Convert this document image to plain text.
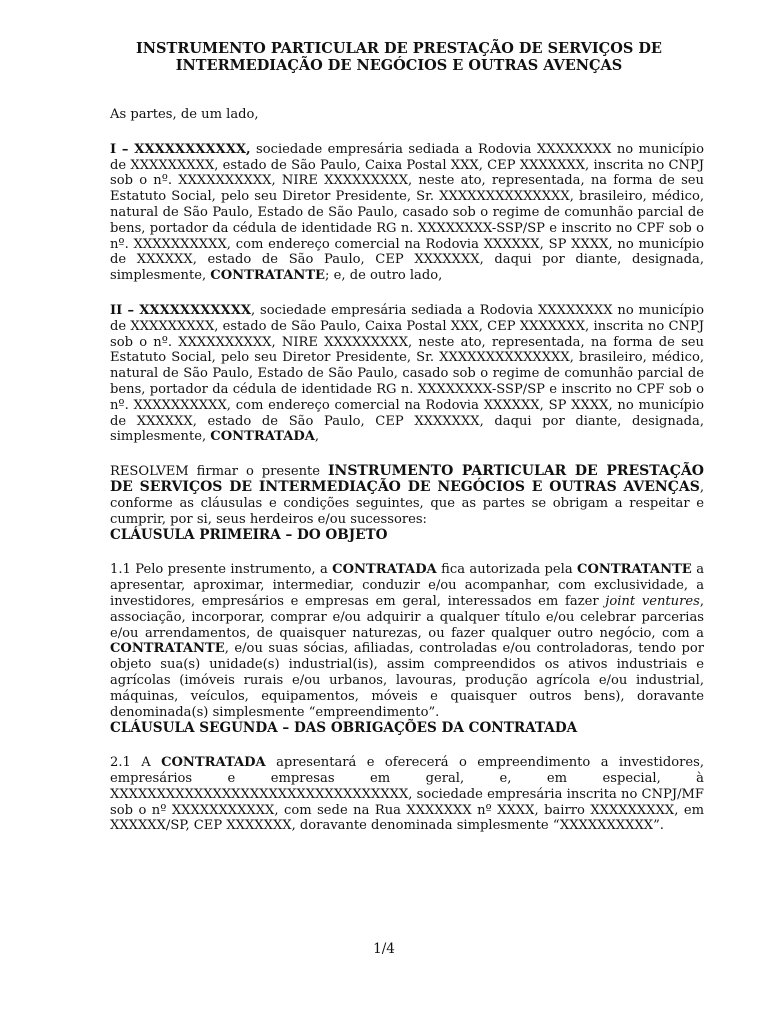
INSTRUMENTO PARTICULAR DE PRESTAÇÃO DE SERVIÇOS DE
INTERMEDIAÇÃO DE NEGÓCIOS E OUTRAS AVENÇAS

As partes, de um lado,

I – XXXXXXXXXXX, sociedade empresária sediada a Rodovia XXXXXXXX no município de XXXXXXXXX, estado de São Paulo, Caixa Postal XXX, CEP XXXXXXX, inscrita no CNPJ sob o nº. XXXXXXXXXX, NIRE XXXXXXXXX, neste ato, representada, na forma de seu Estatuto Social, pelo seu Diretor Presidente, Sr. XXXXXXXXXXXXXX, brasileiro, médico, natural de São Paulo, Estado de São Paulo, casado sob o regime de comunhão parcial de bens, portador da cédula de identidade RG n. XXXXXXXX-SSP/SP e inscrito no CPF sob o nº. XXXXXXXXXX, com endereço comercial na Rodovia XXXXXX, SP XXXX, no município de XXXXXX, estado de São Paulo, CEP XXXXXXX, daqui por diante, designada, simplesmente, CONTRATANTE; e, de outro lado,

II – XXXXXXXXXXX, sociedade empresária sediada a Rodovia XXXXXXXX no município de XXXXXXXXX, estado de São Paulo, Caixa Postal XXX, CEP XXXXXXX, inscrita no CNPJ sob o nº. XXXXXXXXXX, NIRE XXXXXXXXX, neste ato, representada, na forma de seu Estatuto Social, pelo seu Diretor Presidente, Sr. XXXXXXXXXXXXXX, brasileiro, médico, natural de São Paulo, Estado de São Paulo, casado sob o regime de comunhão parcial de bens, portador da cédula de identidade RG n. XXXXXXXX-SSP/SP e inscrito no CPF sob o nº. XXXXXXXXXX, com endereço comercial na Rodovia XXXXXX, SP XXXX, no município de XXXXXX, estado de São Paulo, CEP XXXXXXX, daqui por diante, designada, simplesmente, CONTRATADA,

RESOLVEM firmar o presente INSTRUMENTO PARTICULAR DE PRESTAÇÃO DE SERVIÇOS DE INTERMEDIAÇÃO DE NEGÓCIOS E OUTRAS AVENÇAS, conforme as cláusulas e condições seguintes, que as partes se obrigam a respeitar e cumprir, por si, seus herdeiros e/ou sucessores:

CLÁUSULA PRIMEIRA – DO OBJETO

1.1 Pelo presente instrumento, a CONTRATADA fica autorizada pela CONTRATANTE a apresentar, aproximar, intermediar, conduzir e/ou acompanhar, com exclusividade, a investidores, empresários e empresas em geral, interessados em fazer joint ventures, associação, incorporar, comprar e/ou adquirir a qualquer título e/ou celebrar parcerias e/ou arrendamentos, de quaisquer naturezas, ou fazer qualquer outro negócio, com a CONTRATANTE, e/ou suas sócias, afiliadas, controladas e/ou controladoras, tendo por objeto sua(s) unidade(s) industrial(is), assim compreendidos os ativos industriais e agrícolas (imóveis rurais e/ou urbanos, lavouras, produção agrícola e/ou industrial, máquinas, veículos, equipamentos, móveis e quaisquer outros bens), doravante denominada(s) simplesmente “empreendimento”.

CLÁUSULA SEGUNDA – DAS OBRIGAÇÕES DA CONTRATADA

2.1 A CONTRATADA apresentará e oferecerá o empreendimento a investidores, empresários e empresas em geral, e, em especial, à XXXXXXXXXXXXXXXXXXXXXXXXXXXXXXXX, sociedade empresária inscrita no CNPJ/MF sob o nº XXXXXXXXXXX, com sede na Rua XXXXXXX nº XXXX, bairro XXXXXXXXX, em XXXXXX/SP, CEP XXXXXXX, doravante denominada simplesmente “XXXXXXXXXX”.

1/4
